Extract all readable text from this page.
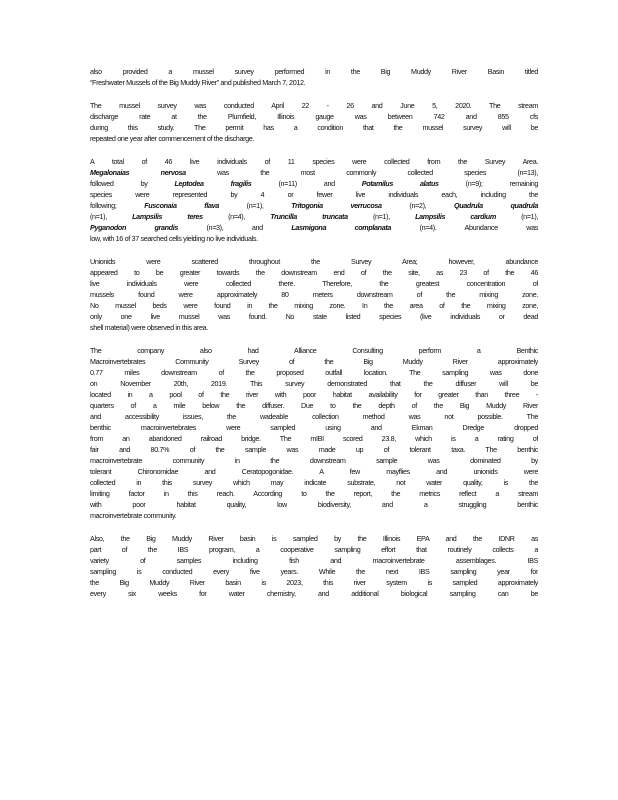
also provided a mussel survey performed in the Big Muddy River Basin titled
“Freshwater Mussels of the Big Muddy River” and published March 7, 2012.
The mussel survey was conducted April 22 - 26 and June 5, 2020. The stream
discharge rate at the Plumfield, Illinois gauge was between 742 and 855 cfs
during this study. The permit has a condition that the mussel survey will be
repeated one year after commencement of the discharge.
A total of 46 live individuals of 11 species were collected from the Survey Area.
Megalonaias nervosa was the most commonly collected species (n=13),
followed by Leptodea fragilis (n=11) and Potamilus alatus (n=9); remaining
species were represented by 4 or fewer live individuals each, including the
following; Fusconaia flava (n=1), Tritogonia verrucosa (n=2), Quadrula quadrula
(n=1), Lampsilis teres (n=4), Truncilla truncata (n=1), Lampsilis cardium (n=1),
Pyganodon grandis (n=3), and Lasmigona complanata (n=4). Abundance was
low, with 16 of 37 searched cells yielding no live individuals.
Unionids were scattered throughout the Survey Area; however, abundance
appeared to be greater towards the downstream end of the site, as 23 of the 46
live individuals were collected there. Therefore, the greatest concentration of
mussels found were approximately 80 meters downstream of the mixing zone.
No mussel beds were found in the mixing zone. In the area of the mixing zone,
only one live mussel was found. No state listed species (live individuals or dead
shell material) were observed in this area.
The company also had Alliance Consulting perform a Benthic
Macroinvertebrates Community Survey of the Big Muddy River approximately
0.77 miles downstream of the proposed outfall location. The sampling was done
on November 20th, 2019. This survey demonstrated that the diffuser will be
located in a pool of the river with poor habitat availability for greater than three -
quarters of a mile below the diffuser. Due to the depth of the Big Muddy River
and accessibility issues, the wadeable collection method was not possible. The
benthic macroinvertebrates were sampled using and Ekman Dredge dropped
from an abandoned railroad bridge. The mIBI scored 23.8, which is a rating of
fair and 80.7% of the sample was made up of tolerant taxa. The benthic
macroinvertebrate community in the downstream sample was dominated by
tolerant Chironomidae and Ceratopogonidae. A few mayflies and unionids were
collected in this survey which may indicate substrate, not water quality, is the
limiting factor in this reach. According to the report, the metrics reflect a stream
with poor habitat quality, low biodiversity, and a struggling benthic
macroinvertebrate community.
Also, the Big Muddy River basin is sampled by the Illinois EPA and the IDNR as
part of the IBS program, a cooperative sampling effort that routinely collects a
variety of samples including fish and macroinvertebrate assemblages. IBS
sampling is conducted every five years. While the next IBS sampling year for
the Big Muddy River basin is 2023, this river system is sampled approximately
every six weeks for water chemistry, and additional biological sampling can be
